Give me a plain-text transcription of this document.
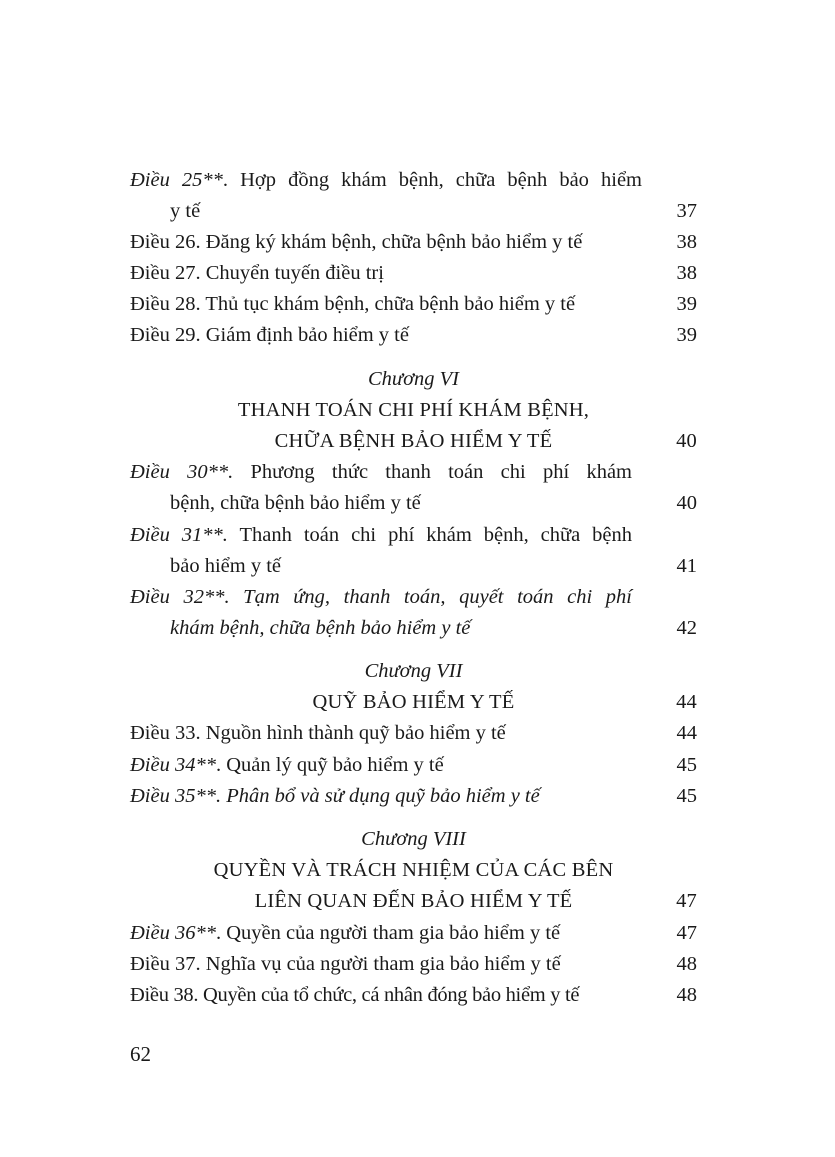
Điều 25**. Hợp đồng khám bệnh, chữa bệnh bảo hiểm
y tế	37
Điều 26. Đăng ký khám bệnh, chữa bệnh bảo hiểm y tế	38
Điều 27. Chuyển tuyến điều trị	38
Điều 28. Thủ tục khám bệnh, chữa bệnh bảo hiểm y tế	39
Điều 29. Giám định bảo hiểm y tế	39
Chương VI
THANH TOÁN CHI PHÍ KHÁM BỆNH,
CHỮA BỆNH BẢO HIỂM Y TẾ	40
Điều 30**. Phương thức thanh toán chi phí khám
bệnh, chữa bệnh bảo hiểm y tế	40
Điều 31**. Thanh toán chi phí khám bệnh, chữa bệnh
bảo hiểm y tế	41
Điều 32**. Tạm ứng, thanh toán, quyết toán chi phí
khám bệnh, chữa bệnh bảo hiểm y tế	42
Chương VII
QUỸ BẢO HIỂM Y TẾ	44
Điều 33. Nguồn hình thành quỹ bảo hiểm y tế	44
Điều 34**. Quản lý quỹ bảo hiểm y tế	45
Điều 35**. Phân bổ và sử dụng quỹ bảo hiểm y tế	45
Chương VIII
QUYỀN VÀ TRÁCH NHIỆM CỦA CÁC BÊN
LIÊN QUAN ĐẾN BẢO HIỂM Y TẾ	47
Điều 36**. Quyền của người tham gia bảo hiểm y tế	47
Điều 37. Nghĩa vụ của người tham gia bảo hiểm y tế	48
Điều 38. Quyền của tổ chức, cá nhân đóng bảo hiểm y tế	48
62
